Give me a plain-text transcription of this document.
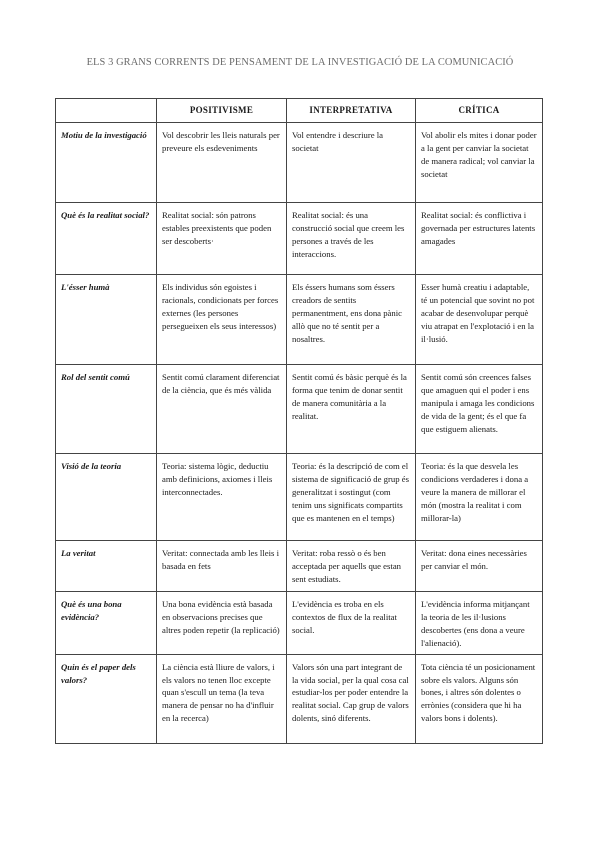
ELS 3 GRANS CORRENTS DE PENSAMENT DE LA INVESTIGACIÓ DE LA COMUNICACIÓ
	POSITIVISME	INTERPRETATIVA	CRÍTICA
Motiu de la investigació	Vol descobrir les lleis naturals per preveure els esdeveniments	Vol entendre i descriure la societat	Vol abolir els mites i donar poder a la gent per canviar la societat de manera radical; vol canviar la societat
Què és la realitat social?	Realitat social: són patrons estables preexistents que poden ser descoberts·	Realitat social: és una construcció social que creem les persones a través de les interaccions.	Realitat social: és conflictiva i governada per estructures latents amagades
L'ésser humà	Els individus són egoistes i racionals, condicionats per forces externes (les persones persegueixen els seus interessos)	Els éssers humans som éssers creadors de sentits permanentment, ens dona pànic allò que no té sentit per a nosaltres.	Esser humà creatiu i adaptable, té un potencial que sovint no pot acabar de desenvolupar perquè viu atrapat en l'explotació i en la il·lusió.
Rol del sentit comú	Sentit comú clarament diferenciat de la ciència, que és més vàlida	Sentit comú és bàsic perquè és la forma que tenim de donar sentit de manera comunitària a la realitat.	Sentit comú són creences falses que amaguen qui el poder i ens manipula i amaga les condicions de vida de la gent; és el que fa que estiguem alienats.
Visió de la teoria	Teoria: sistema lògic, deductiu amb definicions, axiomes i lleis interconnectades.	Teoria: és la descripció de com el sistema de significació de grup és generalitzat i sostingut (com tenim uns significats compartits que es mantenen en el temps)	Teoria: és la que desvela les condicions verdaderes i dona a veure la manera de millorar el món (mostra la realitat i com millorar-la)
La veritat	Veritat: connectada amb les lleis i basada en fets	Veritat: roba ressò o és ben acceptada per aquells que estan sent estudiats.	Veritat: dona eines necessàries per canviar el món.
Què és una bona evidència?	Una bona evidència està basada en observacions precises que altres poden repetir (la replicació)	L'evidència es troba en els contextos de flux de la realitat social.	L'evidència informa mitjançant la teoria de les il·lusions descobertes (ens dona a veure l'alienació).
Quin és el paper dels valors?	La ciència està lliure de valors, i els valors no tenen lloc excepte quan s'escull un tema (la teva manera de pensar no ha d'influir en la recerca)	Valors són una part integrant de la vida social, per la qual cosa cal estudiar-los per poder entendre la realitat social. Cap grup de valors dolents, sinó diferents.	Tota ciència té un posicionament sobre els valors. Alguns són bones, i altres són dolentes o errònies (considera que hi ha valors bons i dolents).
